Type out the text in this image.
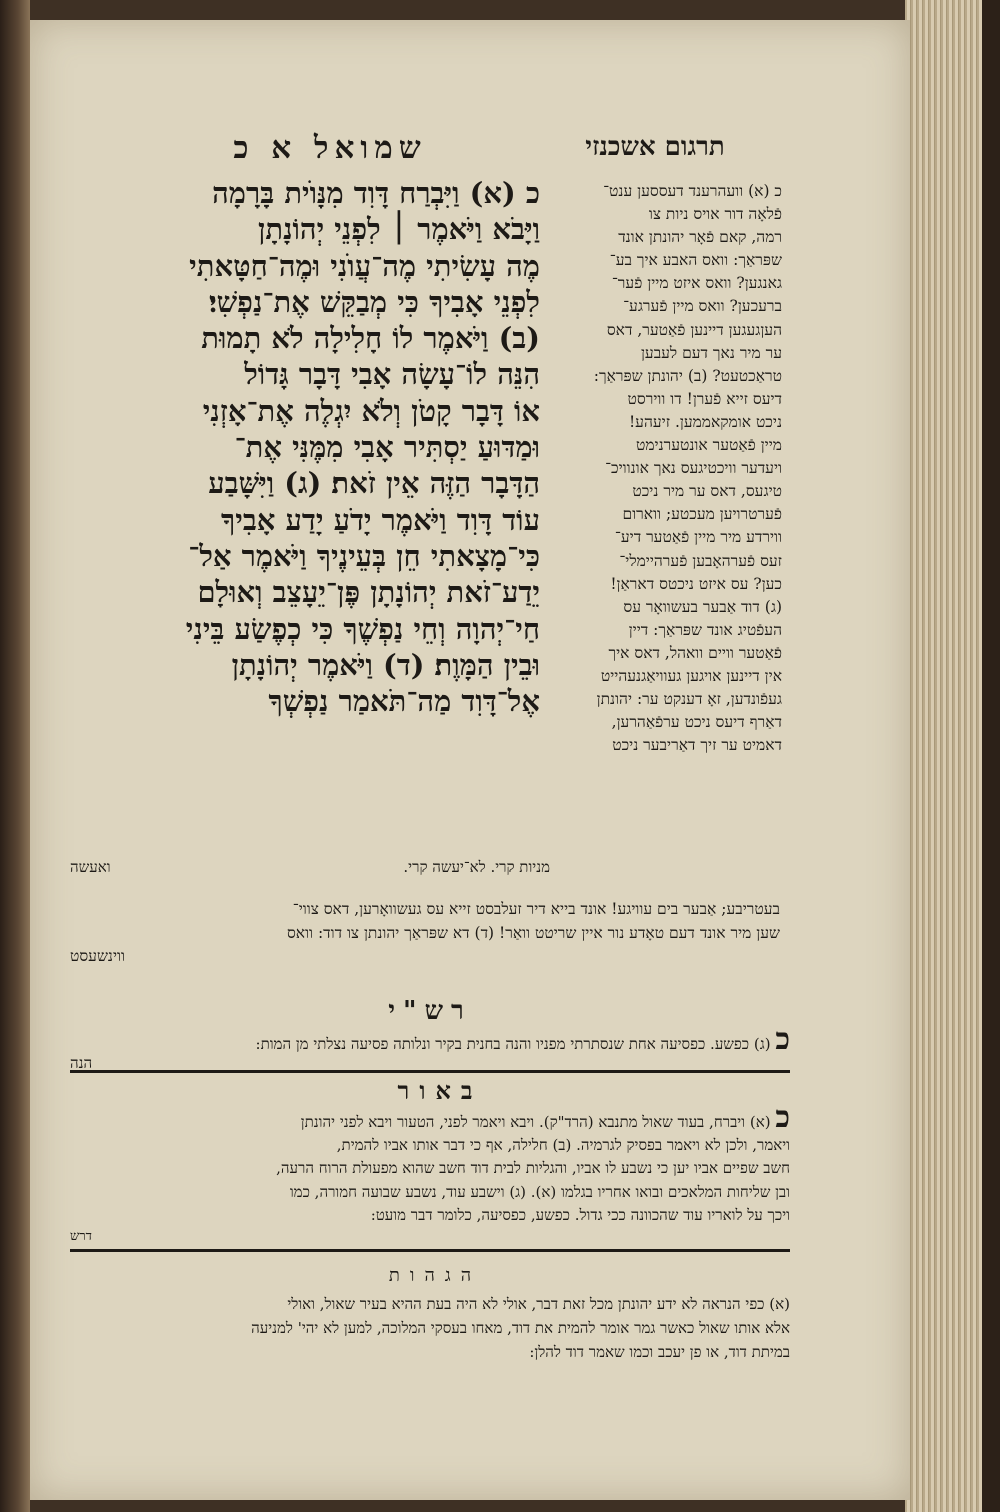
שמואל א כ	תרגום אשכנזי

כ (א) וַיִּבְרַח דָּוִד מִנָּוֺית בָּרָמָה

וַיָּבֹא וַיֹּאמֶר ׀ לִפְנֵי יְהוֹנָתָן

מֶה עָשִׂיתִי מֶה־עֲוֺנִי וּמֶה־חַטָּאתִי

לִפְנֵי אָבִיךָ כִּי מְבַקֵּשׁ אֶת־נַפְשִׁי׃

(ב) וַיֹּאמֶר לוֹ חָלִילָה לֹא תָמוּת

הִנֵּה לוֹ־עָשָׂה אָבִי דָּבָר גָּדוֹל

אוֹ דָּבָר קָטֹן וְלֹא יִגְלֶה אֶת־אָזְנִי

וּמַדּוּעַ יַסְתִּיר אָבִי מִמֶּנִּי אֶת־

הַדָּבָר הַזֶּה אֵין זֹאת׃ (ג) וַיִּשָּׁבַע

עוֹד דָּוִד וַיֹּאמֶר יָדֹעַ יָדַע אָבִיךָ

כִּי־מָצָאתִי חֵן בְּעֵינֶיךָ וַיֹּאמֶר אַל־

יֵדַע־זֹאת יְהוֹנָתָן פֶּן־יֵעָצֵב וְאוּלָם

חַי־יְהוָה וְחֵי נַפְשֶׁךָ כִּי כְפֶשַׂע בֵּינִי

וּבֵין הַמָּוֶת׃ (ד) וַיֹּאמֶר יְהוֹנָתָן

אֶל־דָּוִד מַה־תֹּאמַר נַפְשְׁךָ

כ (א) וועהרענד דעססען ענט־

פֿלאָה דור אויס ניות צו

רמה, קאם פֿאָר יהונתן אונד

שפּראַך: וואס האבע איך בע־

גאנגען? וואס איזט מיין פֿער־

ברעכען? וואס מיין פֿערגע־

העןגעגען דיינען פֿאַטער, דאס

ער מיר נאך דעם לעבען

טראַכטעט? (ב) יהונתן שפּראַך:

דיעס זייא פֿערן! דו ווירסט

ניכט אומקאממען. זיעהע!

מיין פֿאַטער אונטערנימט

ויעדער וויכטיגעס נאך אונוויכ־

טיגעס, דאס ער מיר ניכט

פֿערטרויען מעכטע; ווארום

ווירדע מיר מיין פֿאַטער דיע־

זעס פֿערהאָבען פֿערהיימלי־

כען? עס איזט ניכטס דאראַן!

(ג) דוד אַבער בעשוואָר עס

העפֿטיג אונד שפּראַך: דיין

פֿאַטער וויים וואהל, דאס איך

אין דיינען אויגען געוויאַגנעהייט

געפֿונדען, זאָ דענקט ער: יהונתן

דאַרף דיעס ניכט ערפֿאַהרען,

דאמיט ער זיך דאַריבער ניכט

מניות קרי. לא־יעשה קרי.
ואעשה

בעטריבע; אַבער בים עוויגע! אונד בייא דיר זעלבסט זייא עס געשוואָרען, דאס צווי־

שען מיר אונד דעם טאָדע נור איין שריטט וואַר! (ד) דא שפּראַך יהונתן צו דוד: וואס

ווינשעסט

רש"י

כ (ג) כפשע. כפסיעה אחת שנסתרתי מפניו והנה בחנית בקיר ונלותה פסיעה נצלתי מן המות:

הנה

באור

כ (א) ויברח, בעוד שאול מתנבא (הרד"ק). ויבא ויאמר לפני, הטעור ויבא לפני יהונתן

ויאמר, ולכן לא ויאמר בפסיק לגרמיה. (ב) חלילה, אף כי דבר אותו אביו להמית,

חשב שפיים אביו יען כי נשבע לו אביו, והגליות לבית דוד חשב שהוא מפעולת הרוח הרעה,

ובן שליחות המלאכים ובואו אחריו בגלמו (א). (ג) וישבע עוד, נשבע שבועה חמורה, כמו

ויכך על לואריו עוד שהכוונה ככי גדול. כפשע, כפסיעה, כלומר דבר מועט:

דרש
הגהות

(א) כפי הנראה לא ידע יהונתן מכל זאת דבר, אולי לא היה בעת ההיא בעיר שאול, ואולי

אלא אותו שאול כאשר גמר אומר להמית את דוד, מאחו בעסקי המלוכה, למען לא יהי' למניעה

במיתת דוד, או פן יעכב וכמו שאמר דוד להלן:
